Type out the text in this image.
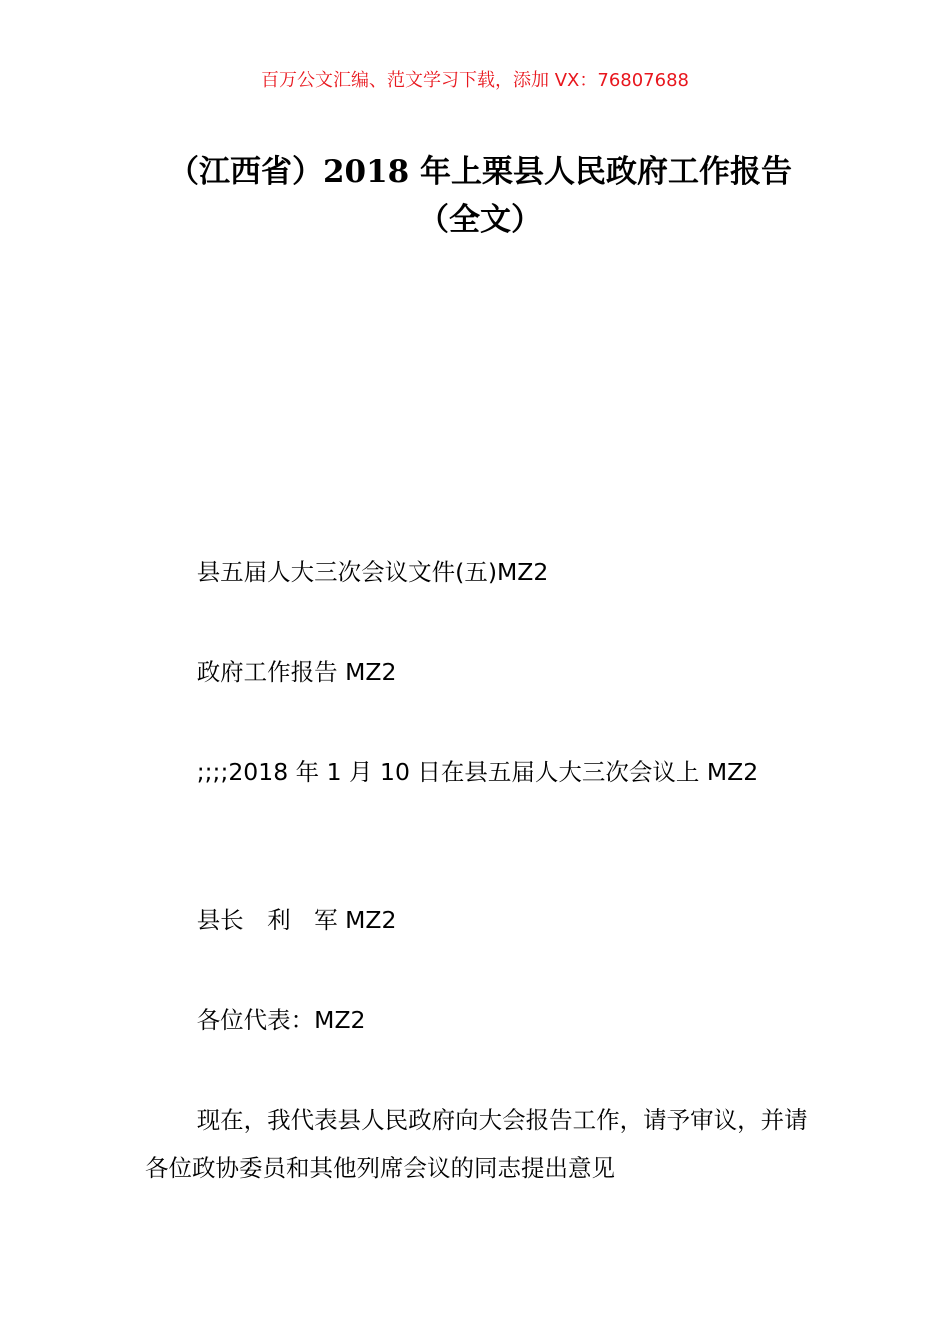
百万公文汇编、范文学习下载，添加 VX：76807688
（江西省）2018 年上栗县人民政府工作报告（全文）

县五届人大三次会议文件(五)MZ2

政府工作报告 MZ2

;;;;2018 年 1 月 10 日在县五届人大三次会议上 MZ2

县长　利　军 MZ2

各位代表：MZ2

现在，我代表县人民政府向大会报告工作，请予审议，并请各位政协委员和其他列席会议的同志提出意见
